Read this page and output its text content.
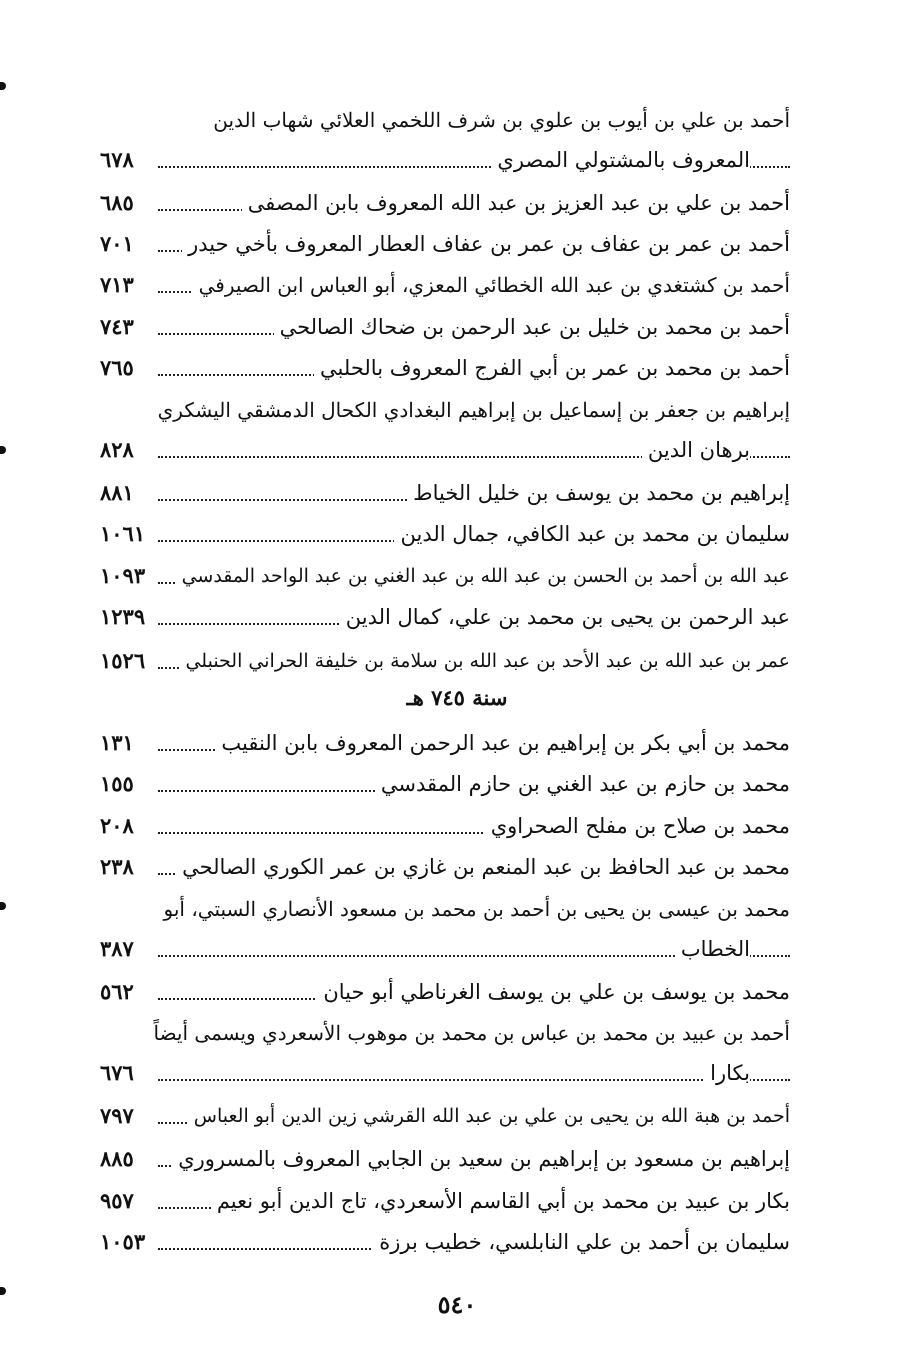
أحمد بن علي بن أيوب بن علوي بن شرف اللخمي العلائي شهاب الدين
المعروف بالمشتولي المصري
٦٧٨
أحمد بن علي بن عبد العزيز بن عبد الله المعروف بابن المصفى
٦٨٥
أحمد بن عمر بن عفاف بن عمر بن عفاف العطار المعروف بأخي حيدر
٧٠١
أحمد بن كشتغدي بن عبد الله الخطائي المعزي، أبو العباس ابن الصيرفي
٧١٣
أحمد بن محمد بن خليل بن عبد الرحمن بن ضحاك الصالحي
٧٤٣
أحمد بن محمد بن عمر بن أبي الفرج المعروف بالحلبي
٧٦٥
إبراهيم بن جعفر بن إسماعيل بن إبراهيم البغدادي الكحال الدمشقي اليشكري
برهان الدين
٨٢٨
إبراهيم بن محمد بن يوسف بن خليل الخياط
٨٨١
سليمان بن محمد بن عبد الكافي، جمال الدين
١٠٦١
عبد الله بن أحمد بن الحسن بن عبد الله بن عبد الغني بن عبد الواحد المقدسي
١٠٩٣
عبد الرحمن بن يحيى بن محمد بن علي، كمال الدين
١٢٣٩
عمر بن عبد الله بن عبد الأحد بن عبد الله بن سلامة بن خليفة الحراني الحنبلي
١٥٢٦
سنة ٧٤٥ هـ
محمد بن أبي بكر بن إبراهيم بن عبد الرحمن المعروف بابن النقيب
١٣١
محمد بن حازم بن عبد الغني بن حازم المقدسي
١٥٥
محمد بن صلاح بن مفلح الصحراوي
٢٠٨
محمد بن عبد الحافظ بن عبد المنعم بن غازي بن عمر الكوري الصالحي
٢٣٨
محمد بن عيسى بن يحيى بن أحمد بن محمد بن مسعود الأنصاري السبتي، أبو
الخطاب
٣٨٧
محمد بن يوسف بن علي بن يوسف الغرناطي أبو حيان
٥٦٢
أحمد بن عبيد بن محمد بن عباس بن محمد بن موهوب الأسعردي ويسمى أيضاً
بكارا
٦٧٦
أحمد بن هبة الله بن يحيى بن علي بن عبد الله القرشي زين الدين أبو العباس
٧٩٧
إبراهيم بن مسعود بن إبراهيم بن سعيد بن الجابي المعروف بالمسروري
٨٨٥
بكار بن عبيد بن محمد بن أبي القاسم الأسعردي، تاج الدين أبو نعيم
٩٥٧
سليمان بن أحمد بن علي النابلسي، خطيب برزة
١٠٥٣
٥٤٠
